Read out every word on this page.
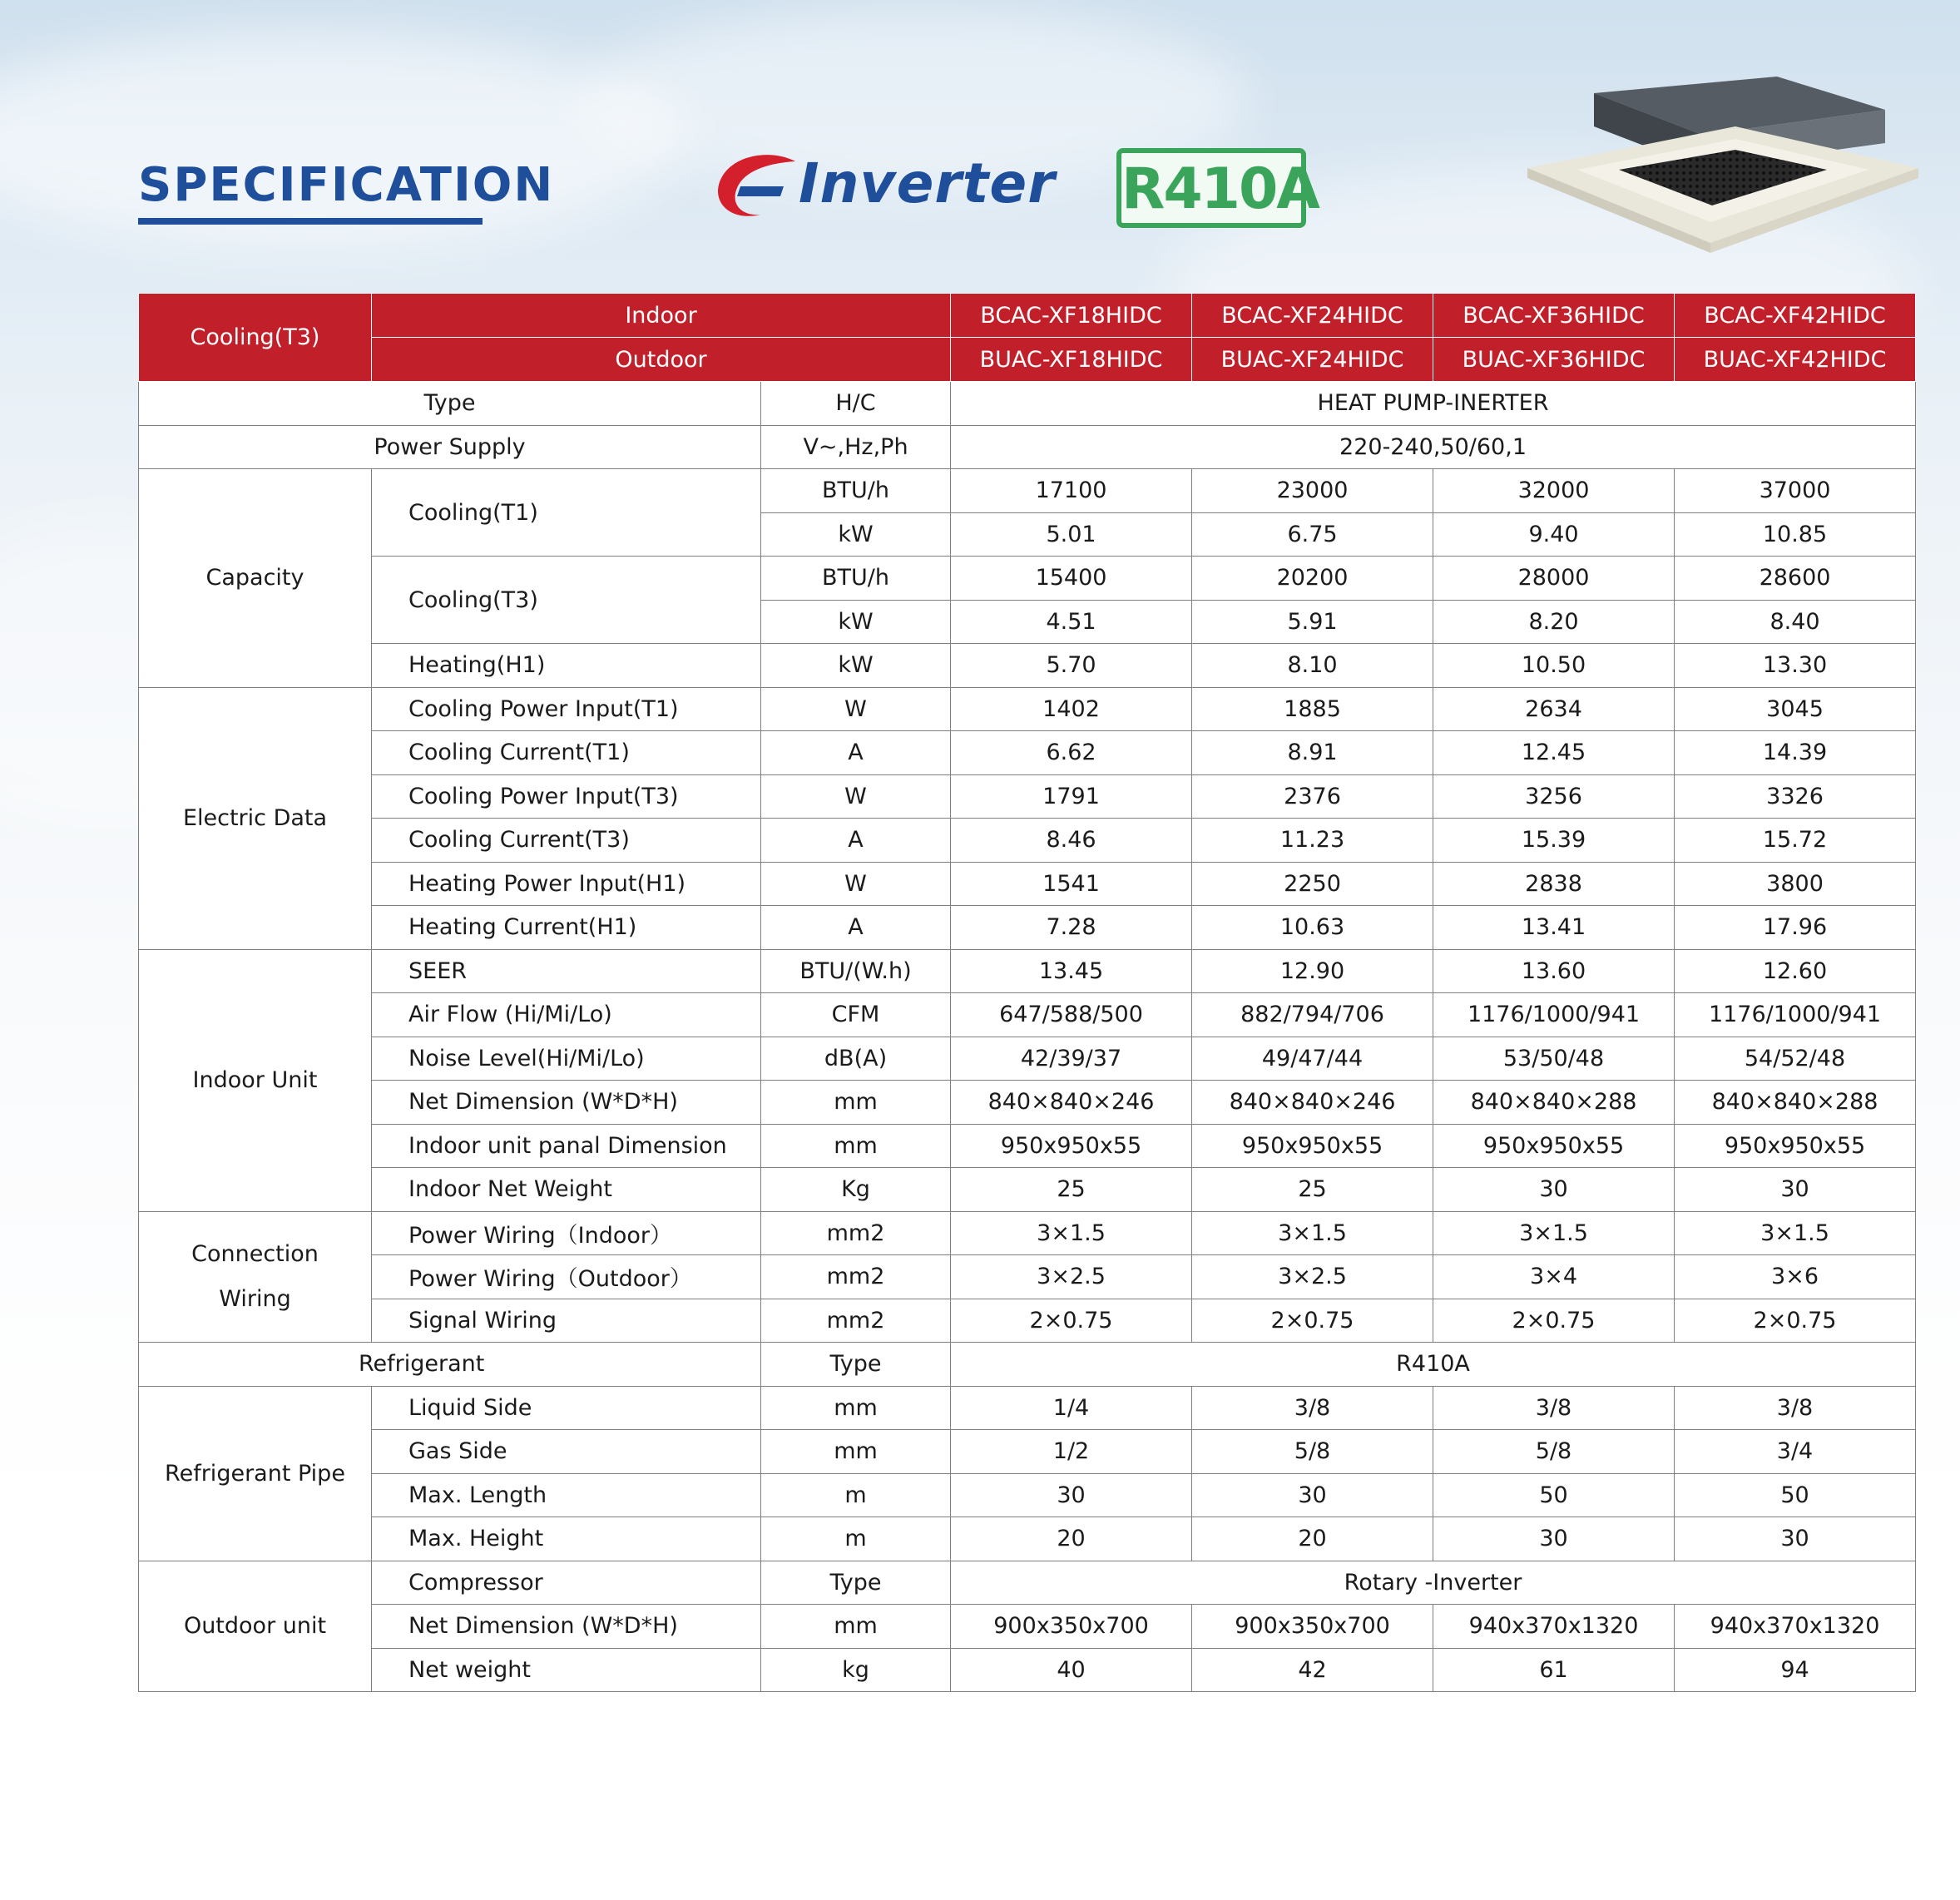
SPECIFICATION	Inverter R410A
Cooling(T3)	Indoor		BCAC-XF18HIDC	BCAC-XF24HIDC	BCAC-XF36HIDC	BCAC-XF42HIDC
	Outdoor		BUAC-XF18HIDC	BUAC-XF24HIDC	BUAC-XF36HIDC	BUAC-XF42HIDC
Type		H/C	HEAT PUMP-INERTER			
Power Supply		V~,Hz,Ph	220-240,50/60,1			
Capacity	Cooling(T1)	BTU/h	17100	23000	32000	37000
		kW	5.01	6.75	9.40	10.85
	Cooling(T3)	BTU/h	15400	20200	28000	28600
		kW	4.51	5.91	8.20	8.40
	Heating(H1)	kW	5.70	8.10	10.50	13.30
Electric Data	Cooling Power Input(T1)	W	1402	1885	2634	3045
	Cooling Current(T1)	A	6.62	8.91	12.45	14.39
	Cooling Power Input(T3)	W	1791	2376	3256	3326
	Cooling Current(T3)	A	8.46	11.23	15.39	15.72
	Heating Power Input(H1)	W	1541	2250	2838	3800
	Heating Current(H1)	A	7.28	10.63	13.41	17.96
Indoor Unit	SEER	BTU/(W.h)	13.45	12.90	13.60	12.60
	Air Flow (Hi/Mi/Lo)	CFM	647/588/500	882/794/706	1176/1000/941	1176/1000/941
	Noise Level(Hi/Mi/Lo)	dB(A)	42/39/37	49/47/44	53/50/48	54/52/48
	Net Dimension (W*D*H)	mm	840×840×246	840×840×246	840×840×288	840×840×288
	Indoor unit panal Dimension	mm	950x950x55	950x950x55	950x950x55	950x950x55
	Indoor Net Weight	Kg	25	25	30	30
Connection
Wiring	Power Wiring（Indoor）	mm2	3×1.5	3×1.5	3×1.5	3×1.5
	Power Wiring（Outdoor）	mm2	3×2.5	3×2.5	3×4	3×6
	Signal Wiring	mm2	2×0.75	2×0.75	2×0.75	2×0.75
Refrigerant		Type	R410A			
Refrigerant Pipe	Liquid Side	mm	1/4	3/8	3/8	3/8
	Gas Side	mm	1/2	5/8	5/8	3/4
	Max. Length	m	30	30	50	50
	Max. Height	m	20	20	30	30
Outdoor unit	Compressor	Type	Rotary -Inverter			
	Net Dimension (W*D*H)	mm	900x350x700	900x350x700	940x370x1320	940x370x1320
	Net weight	kg	40	42	61	94
